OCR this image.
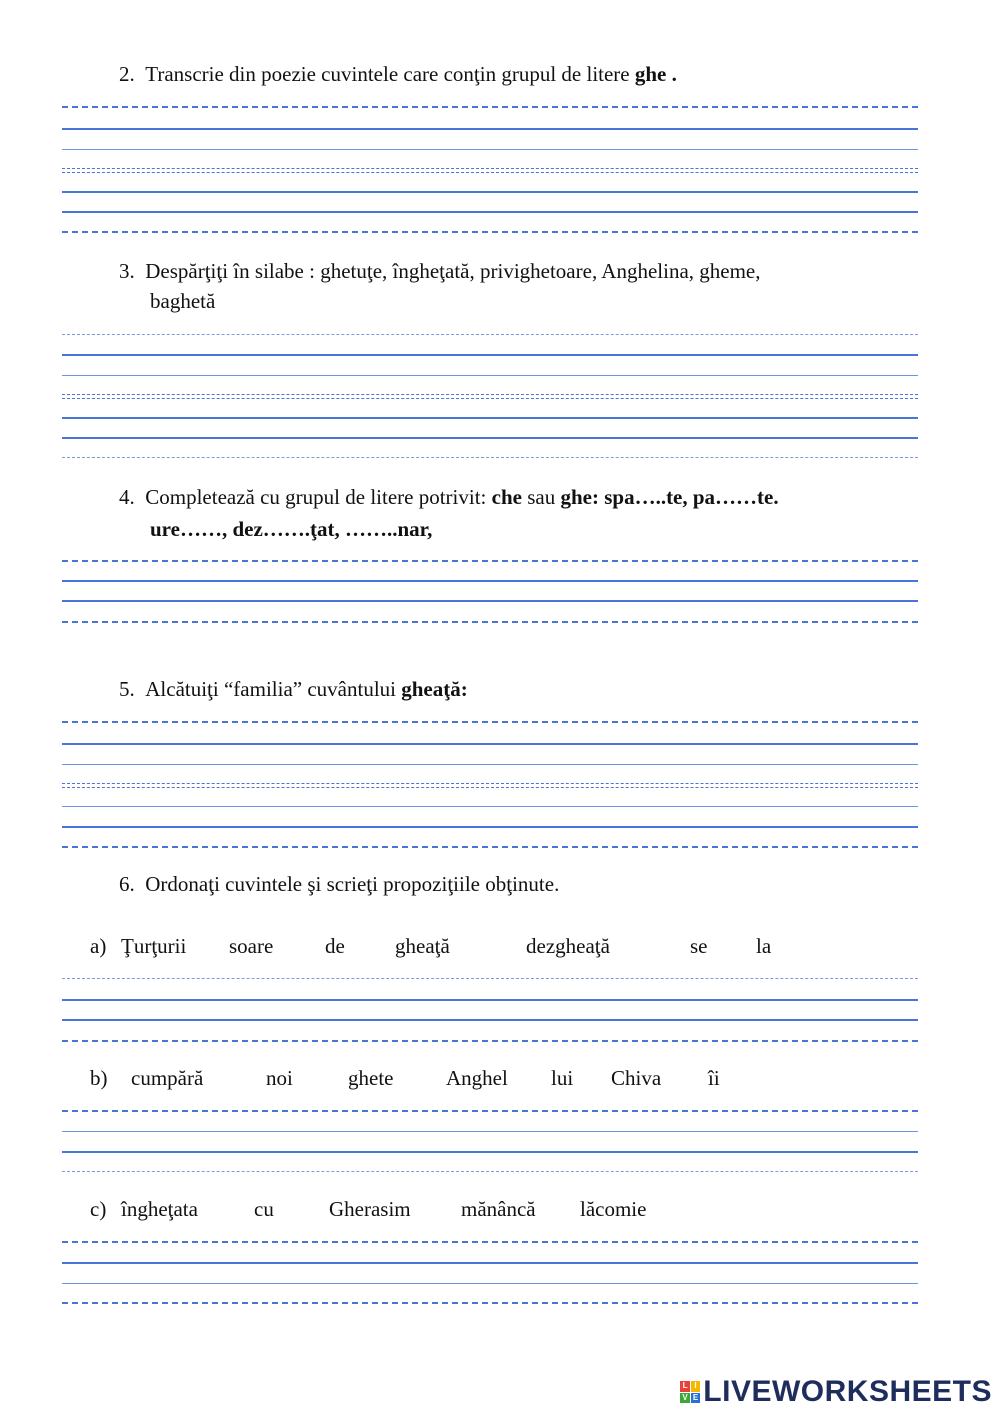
2. Transcrie din poezie cuvintele care conţin grupul de litere ghe .
3. Despărţiţi în silabe : ghetuţe, îngheţată, privighetoare, Anghelina, gheme,
baghetă
4. Completează cu grupul de litere potrivit: che sau ghe: spa…..te, pa……te.
ure……, dez…….ţat, ……..nar,
5. Alcătuiţi “familia” cuvântului gheaţă:
6. Ordonaţi cuvintele şi scrieţi propoziţiile obţinute.
a) Ţurţurii soare de gheaţă	dezgheaţă	se la
b) cumpără	noi	ghete	Anghel lui Chiva îi
c) îngheţata	cu	Gherasim mănâncă lăcomie
L I
V E LIVEWORKSHEETS
